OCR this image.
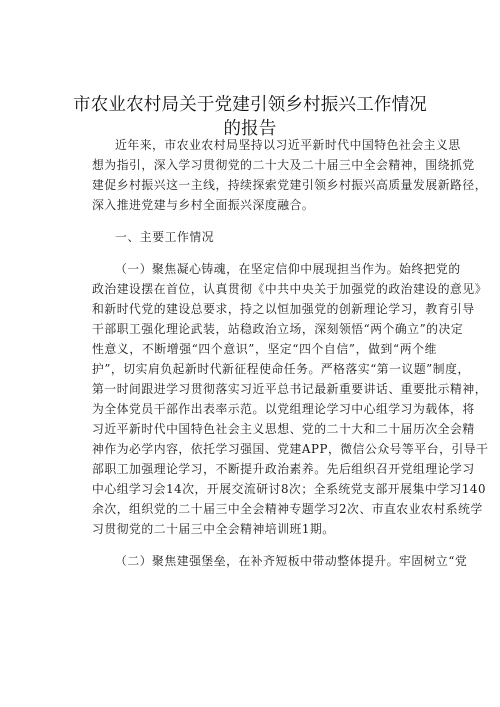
市农业农村局关于党建引领乡村振兴工作情况
的报告
近年来，市农业农村局坚持以习近平新时代中国特色社会主义思
想为指引，深入学习贯彻党的二十大及二十届三中全会精神，围绕抓党
建促乡村振兴这一主线，持续探索党建引领乡村振兴高质量发展新路径，
深入推进党建与乡村全面振兴深度融合。
一、主要工作情况
（一）聚焦凝心铸魂，在坚定信仰中展现担当作为。始终把党的
政治建设摆在首位，认真贯彻《中共中央关于加强党的政治建设的意见》
和新时代党的建设总要求，持之以恒加强党的创新理论学习，教育引导
干部职工强化理论武装，站稳政治立场，深刻领悟“两个确立”的决定
性意义，不断增强“四个意识”，坚定“四个自信”，做到“两个维
护”，切实肩负起新时代新征程使命任务。严格落实“第一议题”制度，
第一时间跟进学习贯彻落实习近平总书记最新重要讲话、重要批示精神，
为全体党员干部作出表率示范。以党组理论学习中心组学习为载体，将
习近平新时代中国特色社会主义思想、党的二十大和二十届历次全会精
神作为必学内容，依托学习强国、党建APP，微信公众号等平台，引导干
部职工加强理论学习，不断提升政治素养。先后组织召开党组理论学习
中心组学习会14次，开展交流研讨8次；全系统党支部开展集中学习140
余次，组织党的二十届三中全会精神专题学习2次、市直农业农村系统学
习贯彻党的二十届三中全会精神培训班1期。
（二）聚焦建强堡垒，在补齐短板中带动整体提升。牢固树立“党
